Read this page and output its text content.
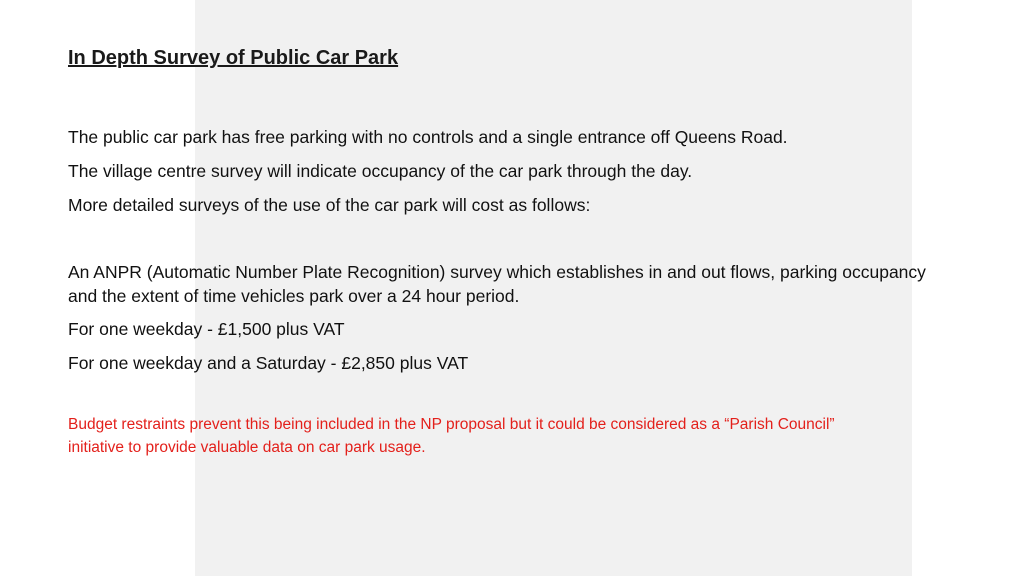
In Depth Survey of Public Car Park
The public car park has free parking with no controls and a single entrance off Queens Road.
The village centre survey will indicate occupancy of the car park through the day.
More detailed surveys of the use of the car park will cost as follows:
An ANPR (Automatic Number Plate Recognition) survey which establishes in and out flows, parking occupancy and the extent of time vehicles park over a 24 hour period.
For one weekday - £1,500 plus VAT
For one weekday and a Saturday - £2,850 plus VAT
Budget restraints prevent this being included in the NP proposal but it could be considered as a “Parish Council” initiative to provide valuable data on car park usage.
